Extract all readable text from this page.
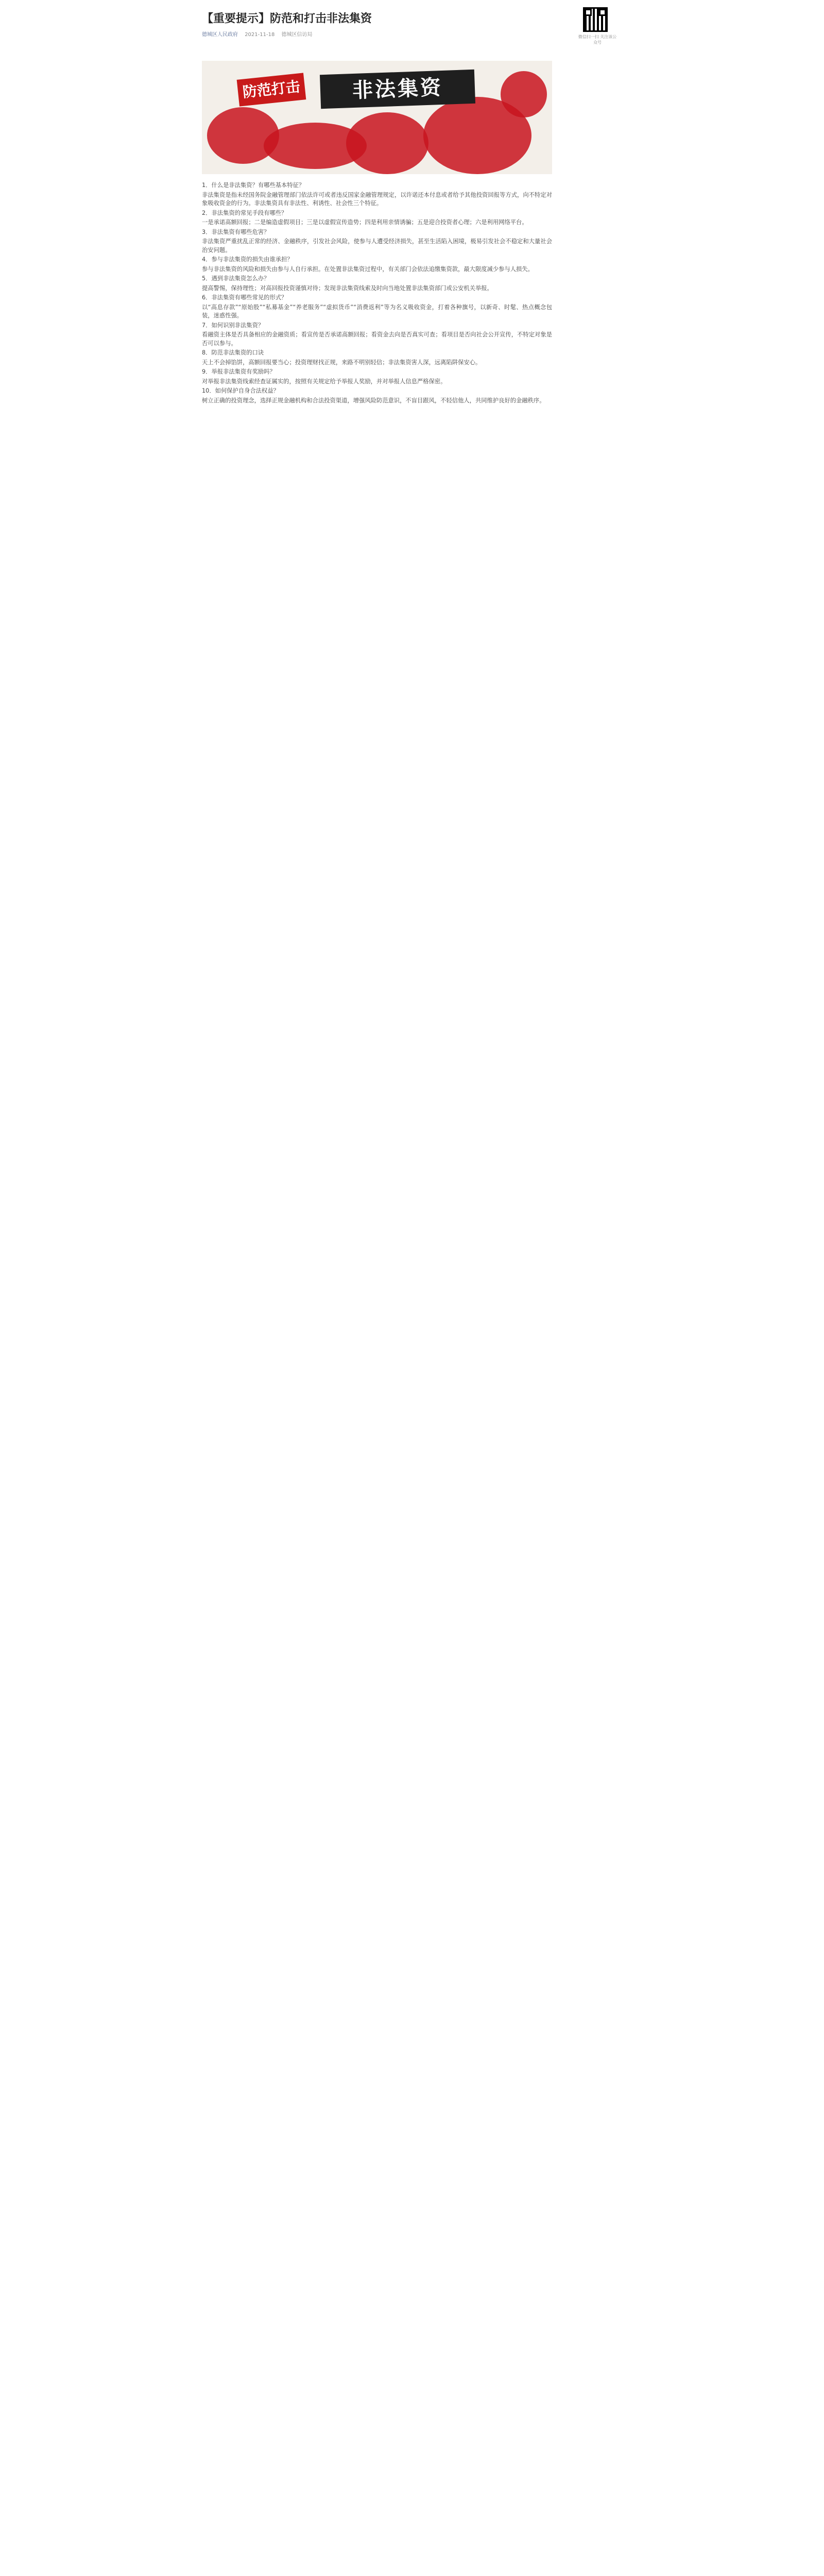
【重要提示】防范和打击非法集资
德城区人民政府 2021-11-18 德城区信访局
防范打击	非法集资

1．什么是非法集资？有哪些基本特征？

非法集资是指未经国务院金融管理部门依法许可或者违反国家金融管理规定，以许诺还本付息或者给予其他投资回报等方式，向不特定对象吸收资金的行为。非法集资具有非法性、利诱性、社会性三个特征。

2．非法集资的常见手段有哪些？

一是承诺高额回报；二是编造虚假项目；三是以虚假宣传造势；四是利用亲情诱骗；五是迎合投资者心理；六是利用网络平台。

3．非法集资有哪些危害？

非法集资严重扰乱正常的经济、金融秩序，引发社会风险，使参与人遭受经济损失，甚至生活陷入困境，极易引发社会不稳定和大量社会治安问题。

4．参与非法集资的损失由谁承担？

参与非法集资的风险和损失由参与人自行承担。在处置非法集资过程中，有关部门会依法追缴集资款，最大限度减少参与人损失。

5．遇到非法集资怎么办？

提高警惕，保持理性；对高回报投资谨慎对待；发现非法集资线索及时向当地处置非法集资部门或公安机关举报。

6．非法集资有哪些常见的形式？

以“高息存款”“原始股”“私募基金”“养老服务”“虚拟货币”“消费返利”等为名义吸收资金，打着各种旗号，以新奇、时髦、热点概念包装，迷惑性强。

7．如何识别非法集资？

看融资主体是否具备相应的金融资质；看宣传是否承诺高额回报；看资金去向是否真实可查；看项目是否向社会公开宣传，不特定对象是否可以参与。

8．防范非法集资的口诀

天上不会掉馅饼，高额回报要当心；投资理财找正规，来路不明别轻信；非法集资害人深，远离陷阱保安心。

9．举报非法集资有奖励吗？

对举报非法集资线索经查证属实的，按照有关规定给予举报人奖励，并对举报人信息严格保密。

10．如何保护自身合法权益？

树立正确的投资理念，选择正规金融机构和合法投资渠道，增强风险防范意识，不盲目跟风，不轻信他人，共同维护良好的金融秩序。

微信扫一扫 关注该公众号
